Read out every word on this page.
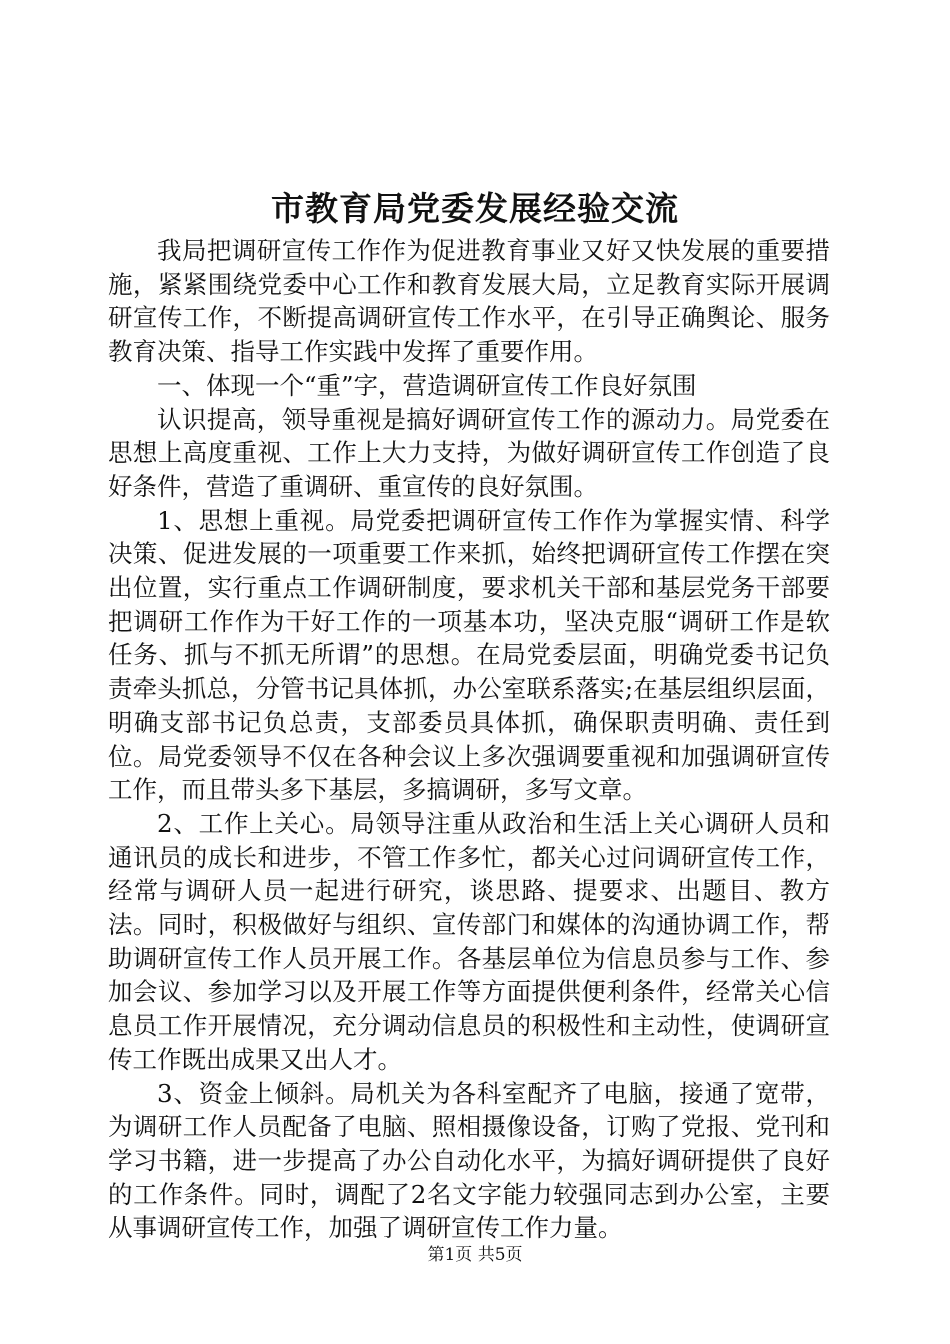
市教育局党委发展经验交流

我局把调研宣传工作作为促进教育事业又好又快发展的重要措施，紧紧围绕党委中心工作和教育发展大局，立足教育实际开展调研宣传工作，不断提高调研宣传工作水平，在引导正确舆论、服务教育决策、指导工作实践中发挥了重要作用。

一、体现一个“重”字，营造调研宣传工作良好氛围

认识提高，领导重视是搞好调研宣传工作的源动力。局党委在思想上高度重视、工作上大力支持，为做好调研宣传工作创造了良好条件，营造了重调研、重宣传的良好氛围。

1、思想上重视。局党委把调研宣传工作作为掌握实情、科学决策、促进发展的一项重要工作来抓，始终把调研宣传工作摆在突出位置，实行重点工作调研制度，要求机关干部和基层党务干部要把调研工作作为干好工作的一项基本功，坚决克服“调研工作是软任务、抓与不抓无所谓”的思想。在局党委层面，明确党委书记负责牵头抓总，分管书记具体抓，办公室联系落实;在基层组织层面，明确支部书记负总责，支部委员具体抓，确保职责明确、责任到位。局党委领导不仅在各种会议上多次强调要重视和加强调研宣传工作，而且带头多下基层，多搞调研，多写文章。

2、工作上关心。局领导注重从政治和生活上关心调研人员和通讯员的成长和进步，不管工作多忙，都关心过问调研宣传工作，经常与调研人员一起进行研究，谈思路、提要求、出题目、教方法。同时，积极做好与组织、宣传部门和媒体的沟通协调工作，帮助调研宣传工作人员开展工作。各基层单位为信息员参与工作、参加会议、参加学习以及开展工作等方面提供便利条件，经常关心信息员工作开展情况，充分调动信息员的积极性和主动性，使调研宣传工作既出成果又出人才。

3、资金上倾斜。局机关为各科室配齐了电脑，接通了宽带，为调研工作人员配备了电脑、照相摄像设备，订购了党报、党刊和学习书籍，进一步提高了办公自动化水平，为搞好调研提供了良好的工作条件。同时，调配了2名文字能力较强同志到办公室，主要从事调研宣传工作，加强了调研宣传工作力量。

第1页 共5页
